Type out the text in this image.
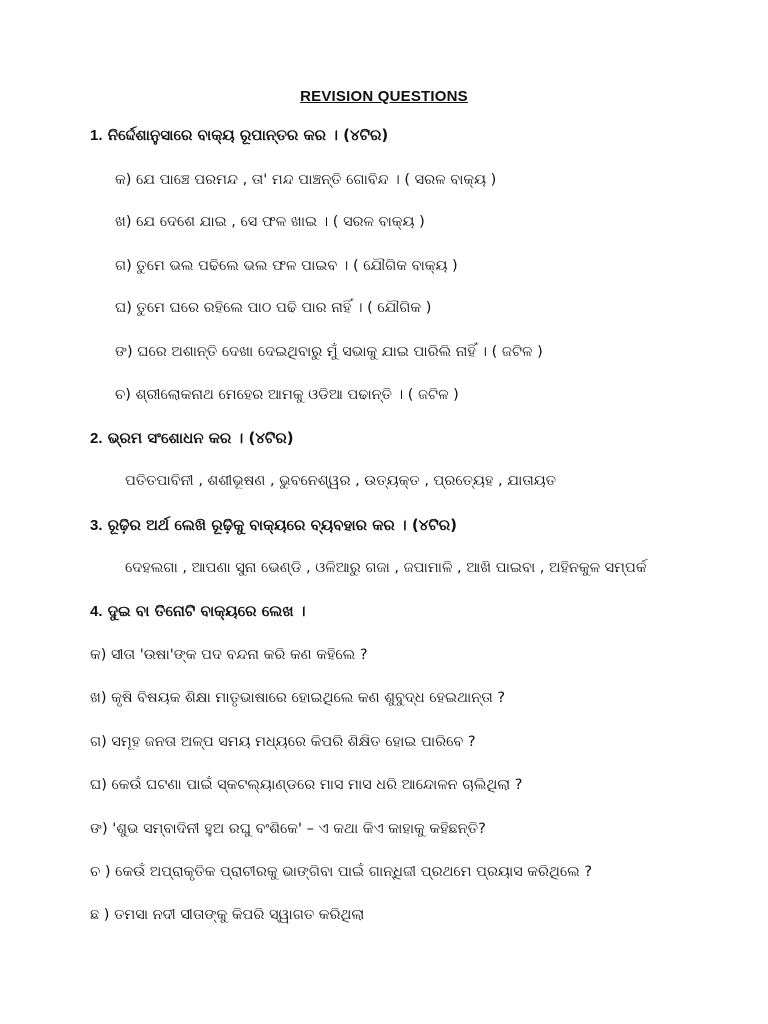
REVISION QUESTIONS
1. ନିର୍ଦ୍ଦେଶାନୁସାରେ ବାକ୍ୟ ରୂପାନ୍ତର କର । (୪ଟିର)
କ) ଯେ ପାଞ୍ଚେ ପରମନ୍ଦ , ତା' ମନ୍ଦ ପାଞ୍ଚନ୍ତି ଗୋବିନ୍ଦ । ( ସରଳ ବାକ୍ୟ )
ଖ) ଯେ ଦେଶେ ଯାଇ , ସେ ଫଳ ଖାଇ । ( ସରଳ ବାକ୍ୟ )
ଗ) ତୁମେ ଭଲ ପଢିଲେ ଭଲ ଫଳ ପାଇବ । ( ଯୌଗିକ ବାକ୍ୟ )
ଘ) ତୁମେ ଘରେ ରହିଲେ ପାଠ ପଢି ପାର ନାହିଁ । ( ଯୌଗିକ )
ଙ) ଘରେ ଅଶାନ୍ତି ଦେଖା ଦେଇଥିବାରୁ ମୁଁ ସଭାକୁ ଯାଇ ପାରିଲି ନାହିଁ । ( ଜଟିଳ )
ଚ) ଶ୍ରୀଲୋକନାଥ ମେହେର ଆମକୁ ଓଡିଆ ପଢାନ୍ତି । ( ଜଟିଳ )
2. ଭ୍ରମ ସଂଶୋଧନ କର । (୪ଟିର)
ପତିତପାବିନୀ , ଶଶୀଭୂଷଣ , ଭୁବନେଶ୍ୱର , ଉତ୍ୟକ୍ତ , ପ୍ରତ୍ୟେହ , ଯାତାୟତ
3. ରୂଢ଼ିର ଅର୍ଥ ଲେଖି ରୂଢ଼ିକୁ ବାକ୍ୟରେ ବ୍ୟବହାର କର । (୪ଟିର)
ଦେହଲଗା , ଆପଣା ସୁନା ଭେଣ୍ଡି , ଓଳିଆରୁ ଗଜା , ଜପାମାଳି , ଆଖି ପାଇବା , ଅହିନକୁଳ ସମ୍ପର୍କ
4. ଦୁଇ ବା ତିନୋଟି ବାକ୍ୟରେ ଲେଖ ।
କ) ସୀତା 'ଉଷା'ଙ୍କ ପଦ ବନ୍ଦନା କରି କଣ କହିଲେ ?
ଖ) କୃଷି ବିଷୟକ ଶିକ୍ଷା ମାତୃଭାଷାରେ ହୋଇଥିଲେ କଣ ଶୁବୁଦ୍ଧ ହେଇଥାନ୍ତା ?
ଗ) ସମୂହ ଜନତା ଅଳ୍ପ ସମୟ ମଧ୍ୟରେ କିପରି ଶିକ୍ଷିତ ହୋଇ ପାରିବେ ?
ଘ) କେଉଁ ଘଟଣା ପାଇଁ ସ୍କଟଲ୍ୟାଣ୍ଡରେ ମାସ ମାସ ଧରି ଆନ୍ଦୋଳନ ଚାଲିଥିଲା ?
ଙ) 'ଶୁଭ ସମ୍ବାଦିନୀ ହୁଅ ରଘୁ ବଂଶିକେ' – ଏ କଥା କିଏ କାହାକୁ କହିଛନ୍ତି?
ଚ ) କେଉଁ ଅପ୍ରାକୃତିକ ପ୍ରାଚୀରକୁ ଭାଙ୍ଗିବା ପାଇଁ ଗାନ୍ଧିଜୀ ପ୍ରଥମେ ପ୍ରୟାସ କରିଥିଲେ ?
ଛ ) ତମସା ନଦୀ ସୀତାଙ୍କୁ କିପରି ସ୍ୱାଗତ କରିଥିଲା
